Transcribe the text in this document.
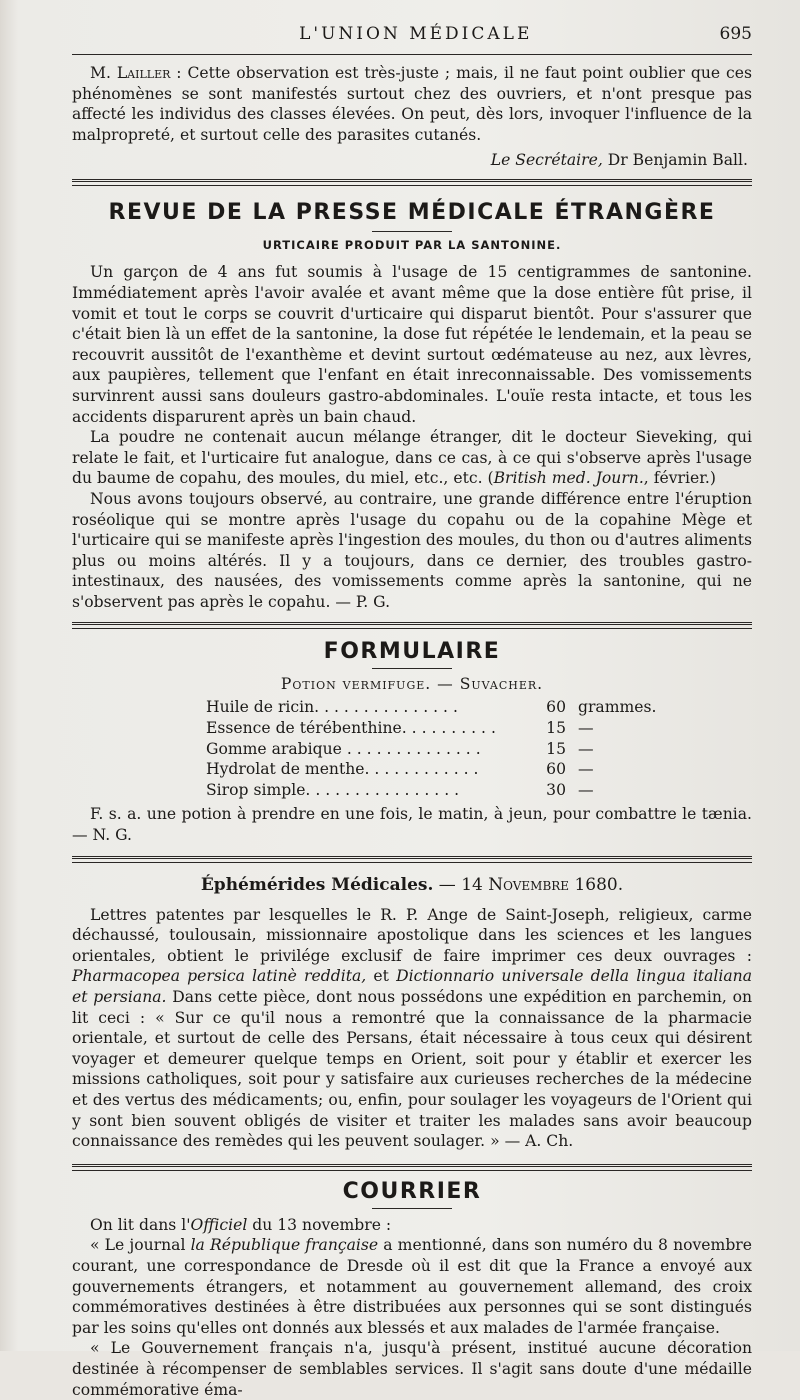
L'UNION MÉDICALE	695

M. Lailler : Cette observation est très-juste ; mais, il ne faut point oublier que ces phénomènes se sont manifestés surtout chez des ouvriers, et n'ont presque pas affecté les individus des classes élevées. On peut, dès lors, invoquer l'influence de la malpropreté, et surtout celle des parasites cutanés.

Le Secrétaire, Dr Benjamin Ball.
REVUE DE LA PRESSE MÉDICALE ÉTRANGÈRE
URTICAIRE PRODUIT PAR LA SANTONINE.

Un garçon de 4 ans fut soumis à l'usage de 15 centigrammes de santonine. Immédiatement après l'avoir avalée et avant même que la dose entière fût prise, il vomit et tout le corps se couvrit d'urticaire qui disparut bientôt. Pour s'assurer que c'était bien là un effet de la santonine, la dose fut répétée le lendemain, et la peau se recouvrit aussitôt de l'exanthème et devint surtout œdémateuse au nez, aux lèvres, aux paupières, tellement que l'enfant en était inreconnaissable. Des vomissements survinrent aussi sans douleurs gastro-abdominales. L'ouïe resta intacte, et tous les accidents disparurent après un bain chaud.

La poudre ne contenait aucun mélange étranger, dit le docteur Sieveking, qui relate le fait, et l'urticaire fut analogue, dans ce cas, à ce qui s'observe après l'usage du baume de copahu, des moules, du miel, etc., etc. (British med. Journ., février.)

Nous avons toujours observé, au contraire, une grande différence entre l'éruption roséolique qui se montre après l'usage du copahu ou de la copahine Mège et l'urticaire qui se manifeste après l'ingestion des moules, du thon ou d'autres aliments plus ou moins altérés. Il y a toujours, dans ce dernier, des troubles gastro-intestinaux, des nausées, des vomissements comme après la santonine, qui ne s'observent pas après le copahu. — P. G.

FORMULAIRE
Potion vermifuge. — Suvacher.
Huile de ricin. . . . . . . . . . . . . . .	60 grammes.
Essence de térébenthine. . . . . . . . . .	15 —
Gomme arabique . . . . . . . . . . . . . .	15 —
Hydrolat de menthe. . . . . . . . . . . .	60 —
Sirop simple. . . . . . . . . . . . . . . .	30 —

F. s. a. une potion à prendre en une fois, le matin, à jeun, pour combattre le tænia.— N. G.

Éphémérides Médicales. — 14 Novembre 1680.

Lettres patentes par lesquelles le R. P. Ange de Saint-Joseph, religieux, carme déchaussé, toulousain, missionnaire apostolique dans les sciences et les langues orientales, obtient le privilége exclusif de faire imprimer ces deux ouvrages : Pharmacopea persica latinè reddita, et Dictionnario universale della lingua italiana et persiana. Dans cette pièce, dont nous possédons une expédition en parchemin, on lit ceci : « Sur ce qu'il nous a remontré que la connaissance de la pharmacie orientale, et surtout de celle des Persans, était nécessaire à tous ceux qui désirent voyager et demeurer quelque temps en Orient, soit pour y établir et exercer les missions catholiques, soit pour y satisfaire aux curieuses recherches de la médecine et des vertus des médicaments; ou, enfin, pour soulager les voyageurs de l'Orient qui y sont bien souvent obligés de visiter et traiter les malades sans avoir beaucoup connaissance des remèdes qui les peuvent soulager. » — A. Ch.

COURRIER

On lit dans l'Officiel du 13 novembre :

« Le journal la République française a mentionné, dans son numéro du 8 novembre courant, une correspondance de Dresde où il est dit que la France a envoyé aux gouvernements étrangers, et notamment au gouvernement allemand, des croix commémoratives destinées à être distribuées aux personnes qui se sont distingués par les soins qu'elles ont donnés aux blessés et aux malades de l'armée française.

« Le Gouvernement français n'a, jusqu'à présent, institué aucune décoration destinée à récompenser de semblables services. Il s'agit sans doute d'une médaille commémorative éma-
